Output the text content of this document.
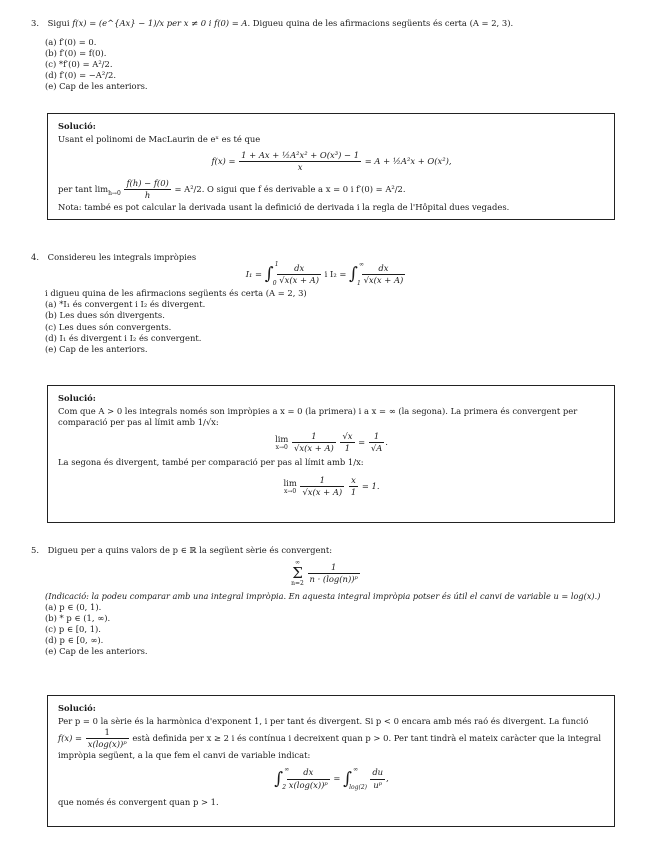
3. Sigui f(x) = (e^{Ax} − 1)/x per x ≠ 0 i f(0) = A. Digueu quina de les afirmacions següents és certa (A = 2, 3).
(a) f′(0) = 0.
(b) f′(0) = f(0).
(c) *f′(0) = A²/2.
(d) f′(0) = −A²/2.
(e) Cap de les anteriors.
Solució:
Usant el polinomi de MacLaurin de eˣ es té que
$f(x) = \frac{\text{1 + Ax + ½A²x² + O(x³) − 1}}{x} = A$ + ½A²x + O(x²),
per tant $\lim_{h\to 0} \frac{f(h) - f(0)}{h} = A^2/2$. O sigui que f és derivable a x = 0 i f′(0) = A²/2.
Nota: també es pot calcular la derivada usant la definició de derivada i la regla de l'Hôpital dues vegades.
4. Considereu les integrals impròpies
I₁ = ∫ 1
0
$\frac{dx}{√x(x + A)}$ i I₂ = ∫ ∞
1
$\frac{dx}{√x(x + A)}$
i digueu quina de les afirmacions següents és certa (A = 2, 3)
(a) *I₁ és convergent i I₂ és divergent.
(b) Les dues són divergents.
(c) Les dues són convergents.
(d) I₁ és divergent i I₂ és convergent.
(e) Cap de les anteriors.
Solució:
Com que A > 0 les integrals només son impròpies a x = 0 (la primera) i a x = ∞ (la segona). La primera és convergent per comparació per pas al límit amb 1/√x:
lim
x→0
$\frac{1}{√x(x + A)}$
$\frac{√x}{1} = \frac{1}{√A}$ .
La segona és divergent, també per comparació per pas al límit amb 1/x:
lim
x→0
$\frac{1}{√x(x + A)}$
$\frac{x}{1} = 1$.
5. Digueu per a quins valors de p ∈ ℝ la següent sèrie és convergent:
∞
Σ
n=2
$\frac{1}{\text{n · (log(n))ᵖ}}$
(Indicació: la podeu comparar amb una integral impròpia. En aquesta integral impròpia potser és útil el canvi de variable u = log(x).)
(a) p ∈ (0, 1).
(b) * p ∈ (1, ∞).
(c) p ∈ [0, 1).
(d) p ∈ [0, ∞).
(e) Cap de les anteriors.
Solució:
Per p = 0 la sèrie és la harmònica d'exponent 1, i per tant és divergent. Si p < 0 encara amb més raó és divergent. La funció
$f(x) = \frac{1}{\text{x(log(x))ᵖ}}$ està definida per x ≥ 2 i és contínua i decreixent quan p > 0. Per tant tindrà el mateix caràcter que la integral
impròpia següent, a la que fem el canvi de variable indicat:
∫ ∞
2
$\frac{dx}{\text{x(log(x))ᵖ}}$ = ∫ ∞
log(2)
$\frac{du}{\text{uᵖ}}$ ,
que només és convergent quan p > 1.
